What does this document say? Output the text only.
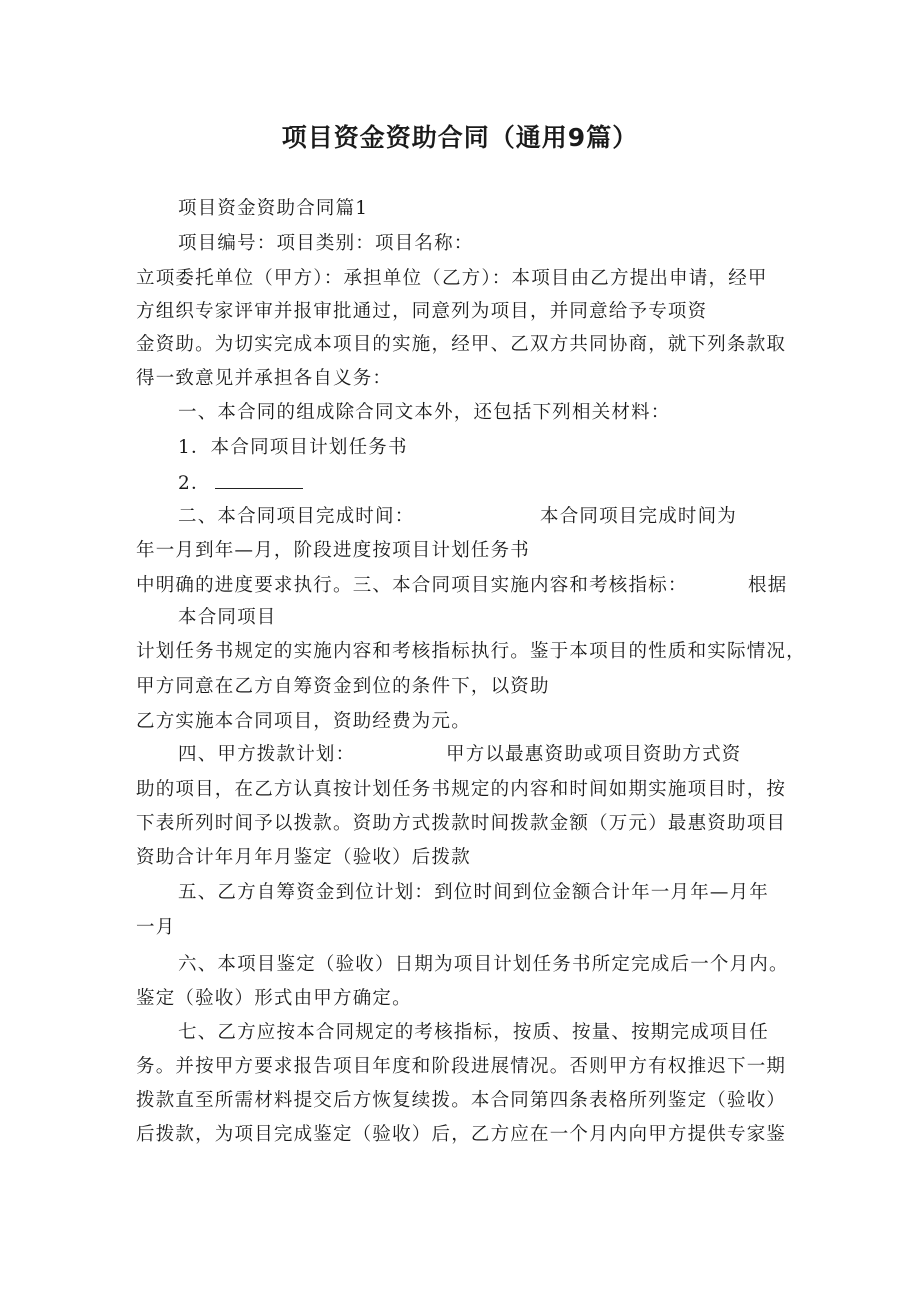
项目资金资助合同（通用9篇）
项目资金资助合同篇1
项目编号：项目类别：项目名称：
立项委托单位（甲方）：承担单位（乙方）：本项目由乙方提出申请，经甲
方组织专家评审并报审批通过，同意列为项目，并同意给予专项资
金资助。为切实完成本项目的实施，经甲、乙双方共同协商，就下列条款取
得一致意见并承担各自义务：
一、本合同的组成除合同文本外，还包括下列相关材料：
1．本合同项目计划任务书
2．
二、本合同项目完成时间：	本合同项目完成时间为
年一月到年—月，阶段进度按项目计划任务书
中明确的进度要求执行。三、本合同项目实施内容和考核指标：	根据
本合同项目
计划任务书规定的实施内容和考核指标执行。鉴于本项目的性质和实际情况，
甲方同意在乙方自筹资金到位的条件下，以资助
乙方实施本合同项目，资助经费为元。
四、甲方拨款计划：	甲方以最惠资助或项目资助方式资
助的项目，在乙方认真按计划任务书规定的内容和时间如期实施项目时，按
下表所列时间予以拨款。资助方式拨款时间拨款金额（万元）最惠资助项目
资助合计年月年月鉴定（验收）后拨款
五、乙方自筹资金到位计划：到位时间到位金额合计年一月年—月年
一月
六、本项目鉴定（验收）日期为项目计划任务书所定完成后一个月内。
鉴定（验收）形式由甲方确定。
七、乙方应按本合同规定的考核指标，按质、按量、按期完成项目任
务。并按甲方要求报告项目年度和阶段进展情况。否则甲方有权推迟下一期
拨款直至所需材料提交后方恢复续拨。本合同第四条表格所列鉴定（验收）
后拨款，为项目完成鉴定（验收）后，乙方应在一个月内向甲方提供专家鉴
